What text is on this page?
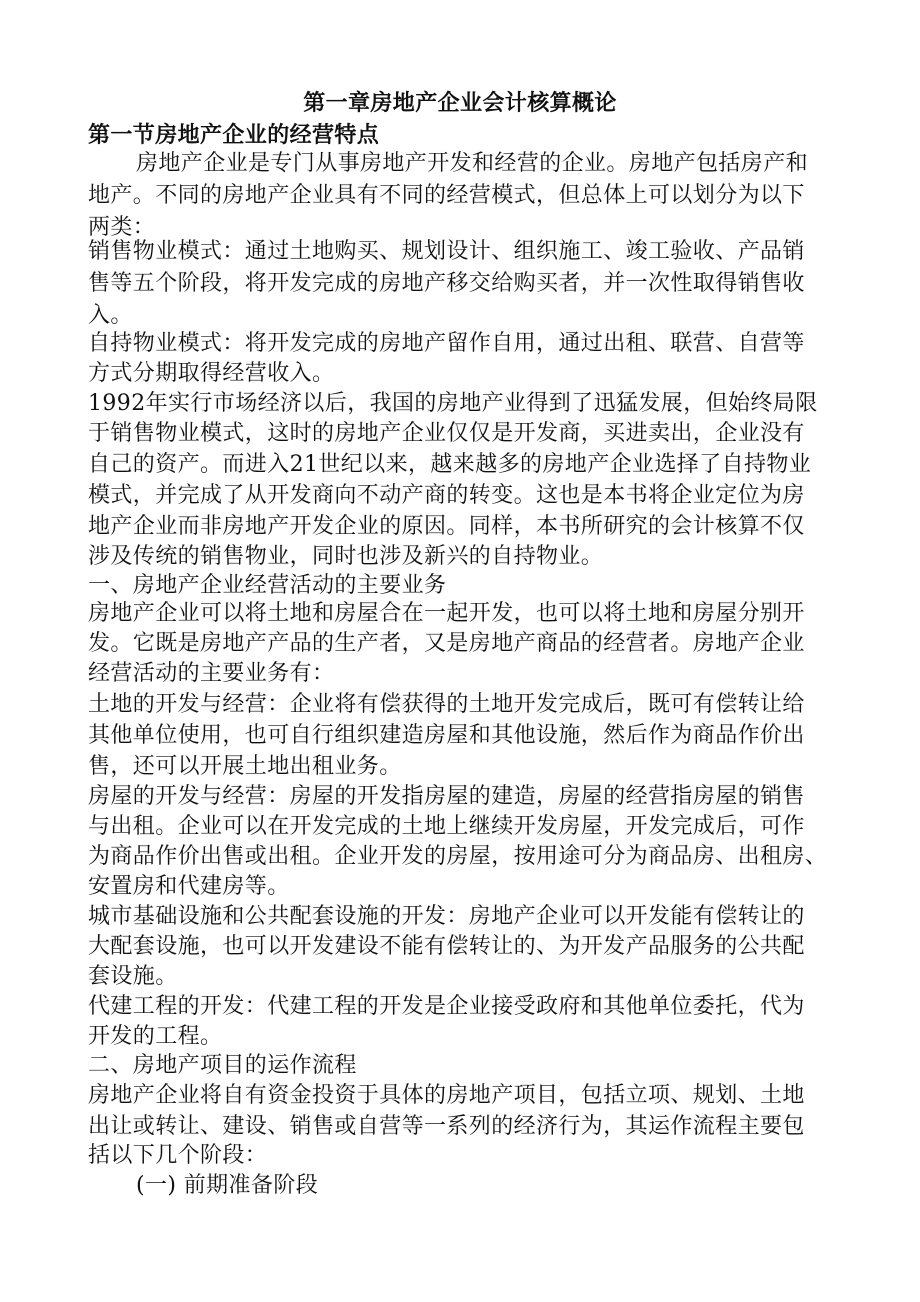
第一章房地产企业会计核算概论
第一节房地产企业的经营特点
房地产企业是专门从事房地产开发和经营的企业。房地产包括房产和
地产。不同的房地产企业具有不同的经营模式，但总体上可以划分为以下
两类：
销售物业模式：通过土地购买、规划设计、组织施工、竣工验收、产品销
售等五个阶段，将开发完成的房地产移交给购买者，并一次性取得销售收
入。
自持物业模式：将开发完成的房地产留作自用，通过出租、联营、自营等
方式分期取得经营收入。
1992年实行市场经济以后，我国的房地产业得到了迅猛发展，但始终局限
于销售物业模式，这时的房地产企业仅仅是开发商，买进卖出，企业没有
自己的资产。而进入21世纪以来，越来越多的房地产企业选择了自持物业
模式，并完成了从开发商向不动产商的转变。这也是本书将企业定位为房
地产企业而非房地产开发企业的原因。同样，本书所研究的会计核算不仅
涉及传统的销售物业，同时也涉及新兴的自持物业。
一、房地产企业经营活动的主要业务
房地产企业可以将土地和房屋合在一起开发，也可以将土地和房屋分别开
发。它既是房地产产品的生产者，又是房地产商品的经营者。房地产企业
经营活动的主要业务有：
土地的开发与经营：企业将有偿获得的土地开发完成后，既可有偿转让给
其他单位使用，也可自行组织建造房屋和其他设施，然后作为商品作价出
售，还可以开展土地出租业务。
房屋的开发与经营：房屋的开发指房屋的建造，房屋的经营指房屋的销售
与出租。企业可以在开发完成的土地上继续开发房屋，开发完成后，可作
为商品作价出售或出租。企业开发的房屋，按用途可分为商品房、出租房、
安置房和代建房等。
城市基础设施和公共配套设施的开发：房地产企业可以开发能有偿转让的
大配套设施，也可以开发建设不能有偿转让的、为开发产品服务的公共配
套设施。
代建工程的开发：代建工程的开发是企业接受政府和其他单位委托，代为
开发的工程。
二、房地产项目的运作流程
房地产企业将自有资金投资于具体的房地产项目，包括立项、规划、土地
出让或转让、建设、销售或自营等一系列的经济行为，其运作流程主要包
括以下几个阶段：
(一) 前期准备阶段
